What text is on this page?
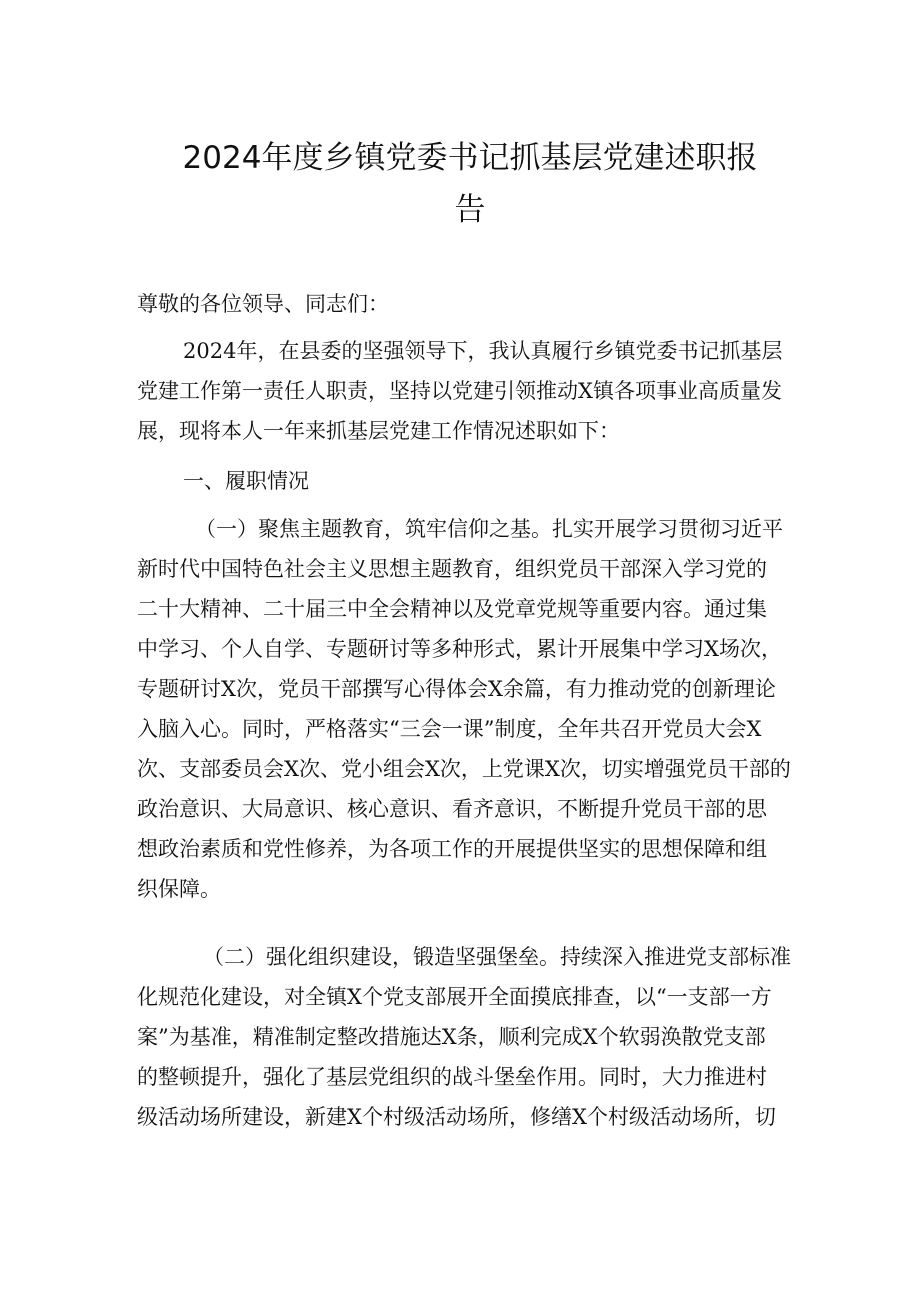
2024年度乡镇党委书记抓基层党建述职报
告

尊敬的各位领导、同志们：

2024年，在县委的坚强领导下，我认真履行乡镇党委书记抓基层
党建工作第一责任人职责，坚持以党建引领推动X镇各项事业高质量发
展，现将本人一年来抓基层党建工作情况述职如下：

一、履职情况

（一）聚焦主题教育，筑牢信仰之基。扎实开展学习贯彻习近平
新时代中国特色社会主义思想主题教育，组织党员干部深入学习党的
二十大精神、二十届三中全会精神以及党章党规等重要内容。通过集
中学习、个人自学、专题研讨等多种形式，累计开展集中学习X场次，
专题研讨X次，党员干部撰写心得体会X余篇，有力推动党的创新理论
入脑入心。同时，严格落实“三会一课”制度，全年共召开党员大会X
次、支部委员会X次、党小组会X次，上党课X次，切实增强党员干部的
政治意识、大局意识、核心意识、看齐意识，不断提升党员干部的思
想政治素质和党性修养，为各项工作的开展提供坚实的思想保障和组
织保障。
（二）强化组织建设，锻造坚强堡垒。持续深入推进党支部标准
化规范化建设，对全镇X个党支部展开全面摸底排查，以“一支部一方
案”为基准，精准制定整改措施达X条，顺利完成X个软弱涣散党支部
的整顿提升，强化了基层党组织的战斗堡垒作用。同时，大力推进村
级活动场所建设，新建X个村级活动场所，修缮X个村级活动场所，切
